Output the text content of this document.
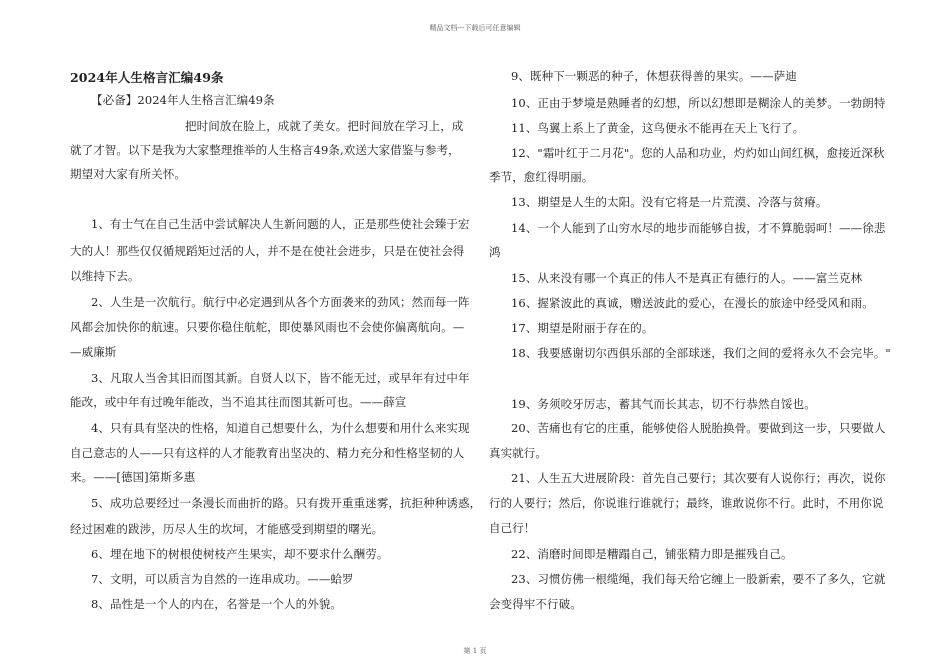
精品文档---下载后可任意编辑
2024年人生格言汇编49条
【必备】2024年人生格言汇编49条
把时间放在脸上，成就了美女。把时间放在学习上，成
就了才智。以下是我为大家整理推举的人生格言49条,欢送大家借鉴与参考，
期望对大家有所关怀。
1、有士气在自己生活中尝试解决人生新问题的人，正是那些使社会臻于宏
大的人！那些仅仅循规蹈矩过活的人，并不是在使社会进步，只是在使社会得
以维持下去。
2、人生是一次航行。航行中必定遇到从各个方面袭来的劲风；然而每一阵
风都会加快你的航速。只要你稳住航舵，即使暴风雨也不会使你偏离航向。—
—威廉斯
3、凡取人当舍其旧而图其新。自贤人以下，皆不能无过，或早年有过中年
能改，或中年有过晚年能改，当不追其往而图其新可也。——薛宣
4、只有具有坚决的性格，知道自己想要什么，为什么想要和用什么来实现
自己意志的人——只有这样的人才能教育出坚决的、精力充分和性格坚韧的人
来。——[德国]第斯多惠
5、成功总要经过一条漫长而曲折的路。只有拨开重重迷雾，抗拒种种诱惑，
经过困难的跋涉，历尽人生的坎坷，才能感受到期望的曙光。
6、埋在地下的树根使树枝产生果实，却不要求什么酬劳。
7、文明，可以质言为自然的一连串成功。——蛤罗
8、品性是一个人的内在，名誉是一个人的外貌。
9、既种下一颗恶的种子，休想获得善的果实。——萨迪
10、正由于梦境是熟睡者的幻想，所以幻想即是糊涂人的美梦。一勃朗特
11、鸟翼上系上了黄金，这鸟便永不能再在天上飞行了。
12、"霜叶红于二月花"。您的人品和功业，灼灼如山间红枫，愈接近深秋
季节，愈红得明丽。
13、期望是人生的太阳。没有它将是一片荒漠、冷落与贫瘠。
14、一个人能到了山穷水尽的地步而能够自拔，才不算脆弱呵！——徐悲
鸿
15、从来没有哪一个真正的伟人不是真正有德行的人。——富兰克林
16、握紧波此的真诚，赠送波此的爱心，在漫长的旅途中经受风和雨。
17、期望是附丽于存在的。
18、我要感谢切尔西俱乐部的全部球迷，我们之间的爱将永久不会完毕。"
19、务须咬牙厉志，蓄其气而长其志，切不行恭然自馁也。
20、苦痛也有它的庄重，能够使俗人脱胎换骨。要做到这一步，只要做人
真实就行。
21、人生五大进展阶段：首先自己要行；其次要有人说你行；再次，说你
行的人要行；然后，你说谁行谁就行；最终，谁敢说你不行。此时，不用你说
自己行！
22、消磨时间即是糟蹋自己，铺张精力即是摧残自己。
23、习惯仿佛一根缆绳，我们每天给它缠上一股新索，要不了多久，它就
会变得牢不行破。
第 1 页
